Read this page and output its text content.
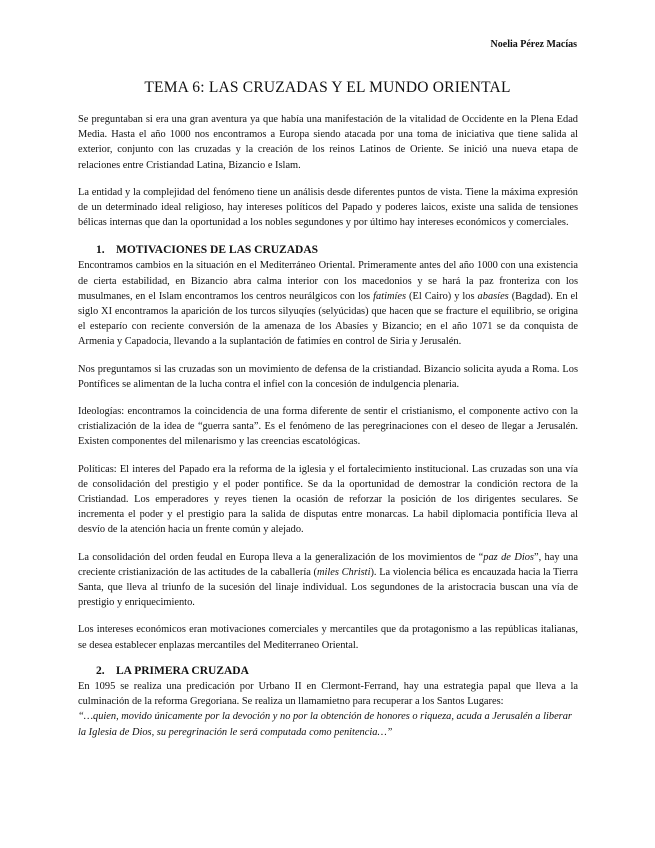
Noelia Pérez Macías
TEMA 6: LAS CRUZADAS Y EL MUNDO ORIENTAL

Se preguntaban si era una gran aventura ya que había una manifestación de la vitalidad de Occidente en la Plena Edad Media. Hasta el año 1000 nos encontramos a Europa siendo atacada por una toma de iniciativa que tiene salida al exterior, conjunto con las cruzadas y la creación de los reinos Latinos de Oriente. Se inició una nueva etapa de relaciones entre Cristiandad Latina, Bizancio e Islam.

La entidad y la complejidad del fenómeno tiene un análisis desde diferentes puntos de vista. Tiene la máxima expresión de un determinado ideal religioso, hay intereses políticos del Papado y poderes laicos, existe una salida de tensiones bélicas internas que dan la oportunidad a los nobles segundones y por último hay intereses económicos y comerciales.

1. MOTIVACIONES DE LAS CRUZADAS

Encontramos cambios en la situación en el Mediterráneo Oriental. Primeramente antes del año 1000 con una existencia de cierta estabilidad, en Bizancio abra calma interior con los macedonios y se hará la paz fronteriza con los musulmanes, en el Islam encontramos los centros neurálgicos con los fatimíes (El Cairo) y los abasíes (Bagdad). En el siglo XI encontramos la aparición de los turcos silyuqíes (selyúcidas) que hacen que se fracture el equilibrio, se origina el esteparío con reciente conversión de la amenaza de los Abasíes y Bizancio; en el año 1071 se da conquista de Armenia y Capadocia, llevando a la suplantación de fatimíes en control de Siria y Jerusalén.

Nos preguntamos si las cruzadas son un movimiento de defensa de la cristiandad. Bizancio solicita ayuda a Roma. Los Pontífices se alimentan de la lucha contra el infiel con la concesión de indulgencia plenaria.

Ideologías: encontramos la coincidencia de una forma diferente de sentir el cristianismo, el componente activo con la cristialización de la idea de “guerra santa”. Es el fenómeno de las peregrinaciones con el deseo de llegar a Jerusalén. Existen componentes del milenarismo y las creencias escatológicas.

Políticas: El interes del Papado era la reforma de la iglesia y el fortalecimiento institucional. Las cruzadas son una vía de consolidación del prestigio y el poder pontifice. Se da la oportunidad de demostrar la condición rectora de la Cristiandad. Los emperadores y reyes tienen la ocasión de reforzar la posición de los dirigentes seculares. Se incrementa el poder y el prestigio para la salida de disputas entre monarcas. La habil diplomacia pontifícia lleva al desvío de la atención hacia un frente común y alejado.

La consolidación del orden feudal en Europa lleva a la generalización de los movimientos de “paz de Dios”, hay una creciente cristianización de las actitudes de la caballería (miles Christi). La violencia bélica es encauzada hacia la Tierra Santa, que lleva al triunfo de la sucesión del linaje individual. Los segundones de la aristocracia buscan una vía de prestigio y enriquecimiento.

Los intereses económicos eran motivaciones comerciales y mercantiles que da protagonismo a las repúblicas italianas, se desea establecer enplazas mercantiles del Mediterraneo Oriental.

2. LA PRIMERA CRUZADA

En 1095 se realiza una predicación por Urbano II en Clermont-Ferrand, hay una estrategia papal que lleva a la culminación de la reforma Gregoriana. Se realiza un llamamietno para recuperar a los Santos Lugares:

“…quien, movido únicamente por la devoción y no por la obtención de honores o riqueza, acuda a Jerusalén a liberar la Iglesia de Dios, su peregrinación le será computada como penitencia…”
